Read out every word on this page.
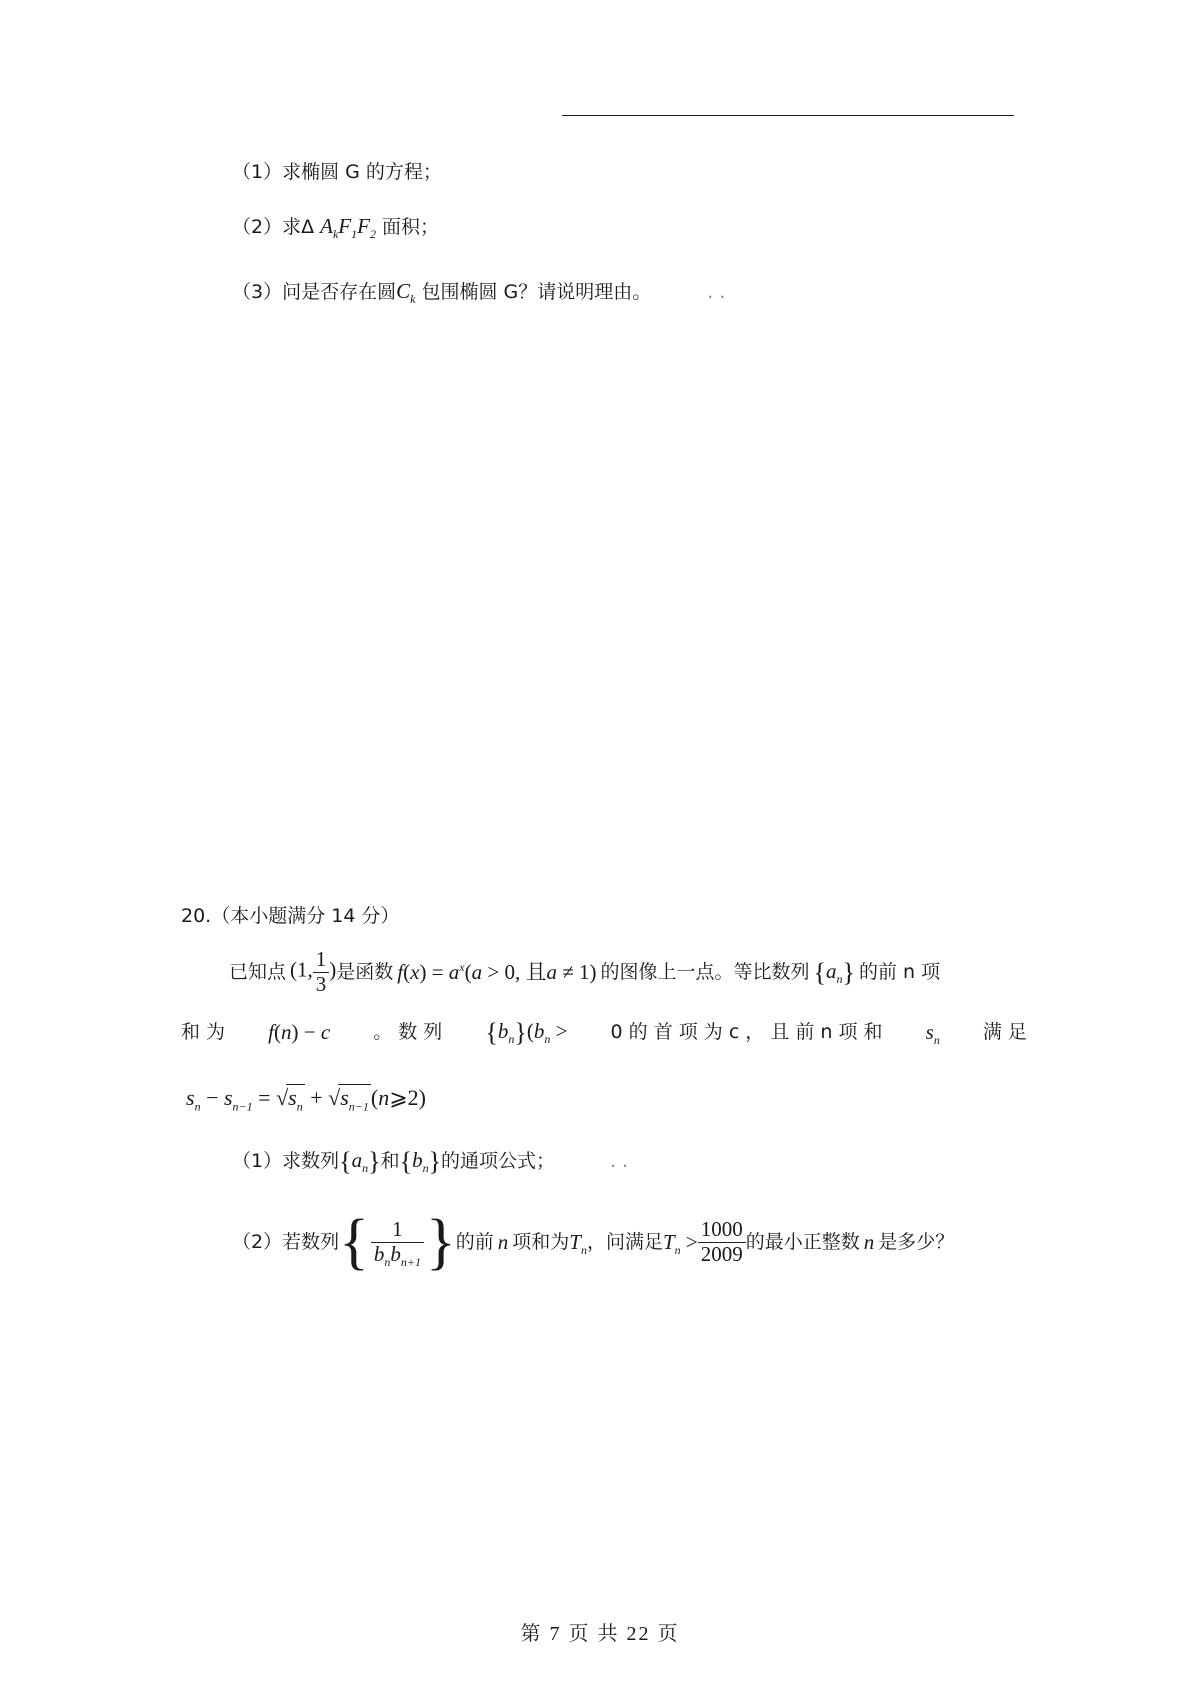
（1）求椭圆 G 的方程；
（2）求Δ $A_kF_1F_2$ 面积；
（3）问是否存在圆$C_k$ 包围椭圆 G？请说明理由。	. .
20.（本小题满分 14 分）
已知点 (1, $\frac{1}{3}$ ) 是函数 $f(x) = a^x(a > 0$, 且a ≠ 1) 的图像上一点。等比数列 $\{a_n\}$ 的前 n 项
和 为 f(n) − c 。 数 列 $\{b_n\}(b_n > 0$ 的 首 项 为 c ， 且 前 n 项 和 $s_n$ 满 足
$s_n - s_{n-1} = √s_n$ + $√s_{n-1}(n⩾2)$
（1）求数列 $\{a_n\}$ 和 $\{b_n\}$ 的通项公式；	. .
（2）若数列 { $\frac{1}{b_nb_{n+1}}$ } 的前 n 项和为 $T_n$ ，问满足 $T_n > \frac{1000}{2009}$ 的最小正整数 n 是多少？
第 7 页 共 22 页
